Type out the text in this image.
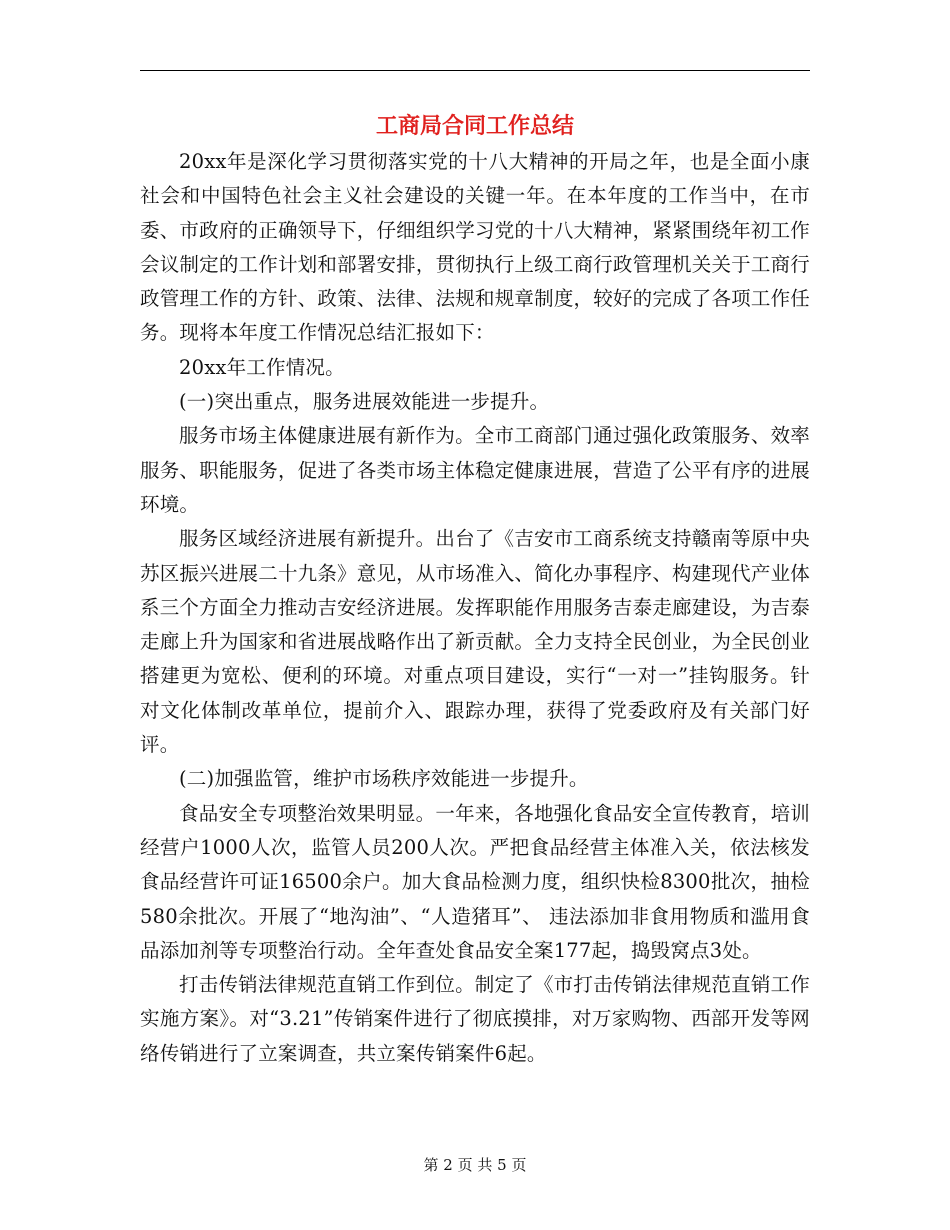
工商局合同工作总结

20xx年是深化学习贯彻落实党的十八大精神的开局之年，也是全面小康社会和中国特色社会主义社会建设的关键一年。在本年度的工作当中，在市委、市政府的正确领导下，仔细组织学习党的十八大精神，紧紧围绕年初工作会议制定的工作计划和部署安排，贯彻执行上级工商行政管理机关关于工商行政管理工作的方针、政策、法律、法规和规章制度，较好的完成了各项工作任务。现将本年度工作情况总结汇报如下：

20xx年工作情况。

(一)突出重点，服务进展效能进一步提升。

服务市场主体健康进展有新作为。全市工商部门通过强化政策服务、效率服务、职能服务，促进了各类市场主体稳定健康进展，营造了公平有序的进展环境。

服务区域经济进展有新提升。出台了《吉安市工商系统支持赣南等原中央苏区振兴进展二十九条》意见，从市场准入、简化办事程序、构建现代产业体系三个方面全力推动吉安经济进展。发挥职能作用服务吉泰走廊建设，为吉泰走廊上升为国家和省进展战略作出了新贡献。全力支持全民创业，为全民创业搭建更为宽松、便利的环境。对重点项目建设，实行“一对一”挂钩服务。针对文化体制改革单位，提前介入、跟踪办理，获得了党委政府及有关部门好评。

(二)加强监管，维护市场秩序效能进一步提升。

食品安全专项整治效果明显。一年来，各地强化食品安全宣传教育，培训经营户1000人次，监管人员200人次。严把食品经营主体准入关，依法核发食品经营许可证16500余户。加大食品检测力度，组织快检8300批次，抽检580余批次。开展了“地沟油”、“人造猪耳”、 违法添加非食用物质和滥用食品添加剂等专项整治行动。全年查处食品安全案177起，捣毁窝点3处。

打击传销法律规范直销工作到位。制定了《市打击传销法律规范直销工作实施方案》。对“3.21”传销案件进行了彻底摸排，对万家购物、西部开发等网络传销进行了立案调查，共立案传销案件6起。

第 2 页 共 5 页
